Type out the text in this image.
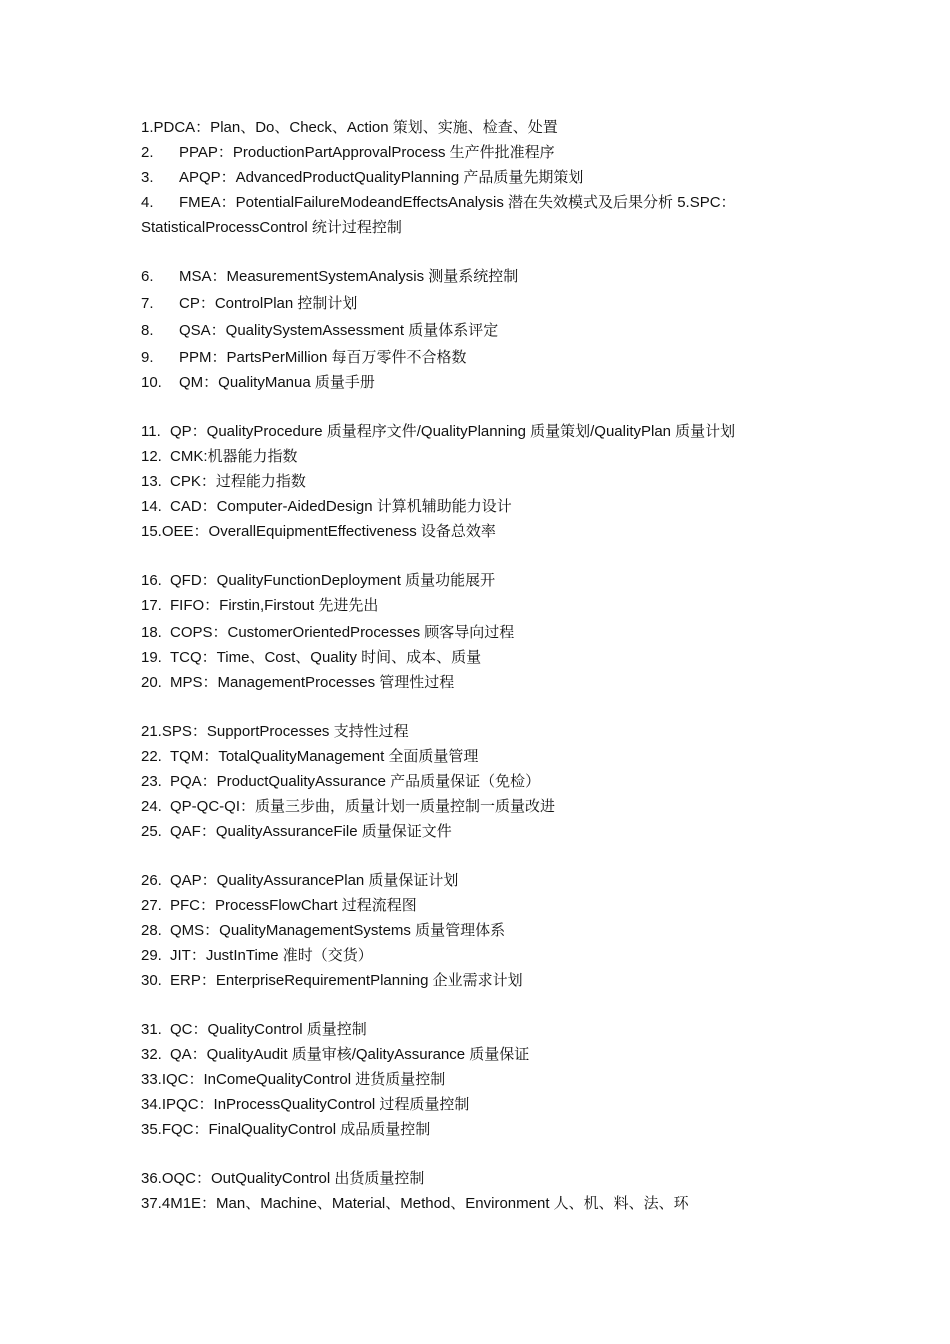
1.PDCA：Plan、Do、Check、Action 策划、实施、检查、处置
2. PPAP：ProductionPartApprovalProcess 生产件批准程序
3. APQP：AdvancedProductQualityPlanning 产品质量先期策划
4. FMEA：PotentialFailureModeandEffectsAnalysis 潜在失效模式及后果分析 5.SPC：
StatisticalProcessControl 统计过程控制
6. MSA：MeasurementSystemAnalysis 测量系统控制
7. CP：ControlPlan 控制计划
8. QSA：QualitySystemAssessment 质量体系评定
9. PPM：PartsPerMillion 每百万零件不合格数
10. QM：QualityManua 质量手册
11. QP：QualityProcedure 质量程序文件/QualityPlanning 质量策划/QualityPlan 质量计划
12. CMK:机器能力指数
13. CPK：过程能力指数
14. CAD：Computer-AidedDesign 计算机辅助能力设计
15.OEE：OverallEquipmentEffectiveness 设备总效率
16. QFD：QualityFunctionDeployment 质量功能展开
17. FIFO：Firstin,Firstout 先进先出
18. COPS：CustomerOrientedProcesses 顾客导向过程
19. TCQ：Time、Cost、Quality 时间、成本、质量
20. MPS：ManagementProcesses 管理性过程
21.SPS：SupportProcesses 支持性过程
22. TQM：TotalQualityManagement 全面质量管理
23. PQA：ProductQualityAssurance 产品质量保证（免检）
24. QP-QC-QI：质量三步曲，质量计划一质量控制一质量改进
25. QAF：QualityAssuranceFile 质量保证文件
26. QAP：QualityAssurancePlan 质量保证计划
27. PFC：ProcessFlowChart 过程流程图
28. QMS：QualityManagementSystems 质量管理体系
29. JIT：JustInTime 准时（交货）
30. ERP：EnterpriseRequirementPlanning 企业需求计划
31. QC：QualityControl 质量控制
32. QA：QualityAudit 质量审核/QalityAssurance 质量保证
33.IQC：InComeQualityControl 进货质量控制
34.IPQC：InProcessQualityControl 过程质量控制
35.FQC：FinalQualityControl 成品质量控制
36.OQC：OutQualityControl 出货质量控制
37.4M1E：Man、Machine、Material、Method、Environment 人、机、料、法、环
